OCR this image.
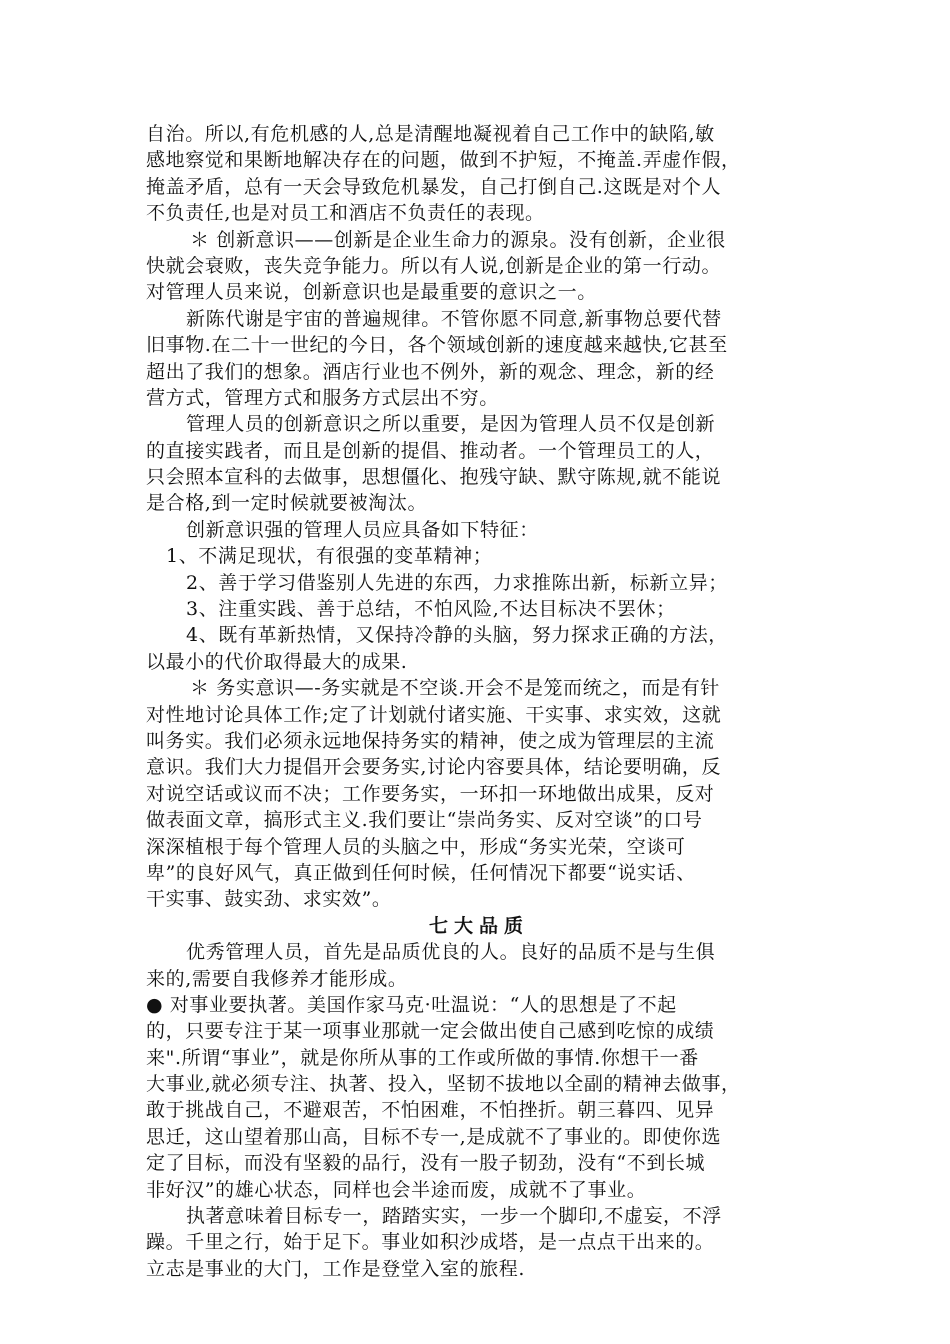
自治。所以,有危机感的人,总是清醒地凝视着自己工作中的缺陷,敏
感地察觉和果断地解决存在的问题，做到不护短，不掩盖.弄虚作假，
掩盖矛盾，总有一天会导致危机暴发，自己打倒自己.这既是对个人
不负责任,也是对员工和酒店不负责任的表现。
＊ 创新意识——创新是企业生命力的源泉。没有创新，企业很
快就会衰败，丧失竞争能力。所以有人说,创新是企业的第一行动。
对管理人员来说，创新意识也是最重要的意识之一。
新陈代谢是宇宙的普遍规律。不管你愿不同意,新事物总要代替
旧事物.在二十一世纪的今日，各个领域创新的速度越来越快,它甚至
超出了我们的想象。酒店行业也不例外，新的观念、理念，新的经
营方式，管理方式和服务方式层出不穷。
管理人员的创新意识之所以重要，是因为管理人员不仅是创新
的直接实践者，而且是创新的提倡、推动者。一个管理员工的人，
只会照本宣科的去做事，思想僵化、抱残守缺、默守陈规,就不能说
是合格,到一定时候就要被淘汰。
创新意识强的管理人员应具备如下特征：
1、不满足现状，有很强的变革精神；
2、善于学习借鉴别人先进的东西，力求推陈出新，标新立异；
3、注重实践、善于总结，不怕风险,不达目标决不罢休；
4、既有革新热情，又保持冷静的头脑，努力探求正确的方法，
以最小的代价取得最大的成果.
＊ 务实意识—-务实就是不空谈.开会不是笼而统之，而是有针
对性地讨论具体工作;定了计划就付诸实施、干实事、求实效，这就
叫务实。我们必须永远地保持务实的精神，使之成为管理层的主流
意识。我们大力提倡开会要务实,讨论内容要具体，结论要明确，反
对说空话或议而不决；工作要务实，一环扣一环地做出成果，反对
做表面文章，搞形式主义.我们要让“崇尚务实、反对空谈”的口号
深深植根于每个管理人员的头脑之中，形成“务实光荣，空谈可
卑”的良好风气，真正做到任何时候，任何情况下都要“说实话、
干实事、鼓实劲、求实效”。
七大品质
优秀管理人员，首先是品质优良的人。良好的品质不是与生俱
来的,需要自我修养才能形成。
● 对事业要执著。美国作家马克·吐温说：“人的思想是了不起
的，只要专注于某一项事业那就一定会做出使自己感到吃惊的成绩
来".所谓“事业”，就是你所从事的工作或所做的事情.你想干一番
大事业,就必须专注、执著、投入，坚韧不拔地以全副的精神去做事，
敢于挑战自己，不避艰苦，不怕困难，不怕挫折。朝三暮四、见异
思迁，这山望着那山高，目标不专一,是成就不了事业的。即使你选
定了目标，而没有坚毅的品行，没有一股子韧劲，没有“不到长城
非好汉”的雄心状态，同样也会半途而废，成就不了事业。
执著意味着目标专一，踏踏实实，一步一个脚印,不虚妄，不浮
躁。千里之行，始于足下。事业如积沙成塔，是一点点干出来的。
立志是事业的大门，工作是登堂入室的旅程.
